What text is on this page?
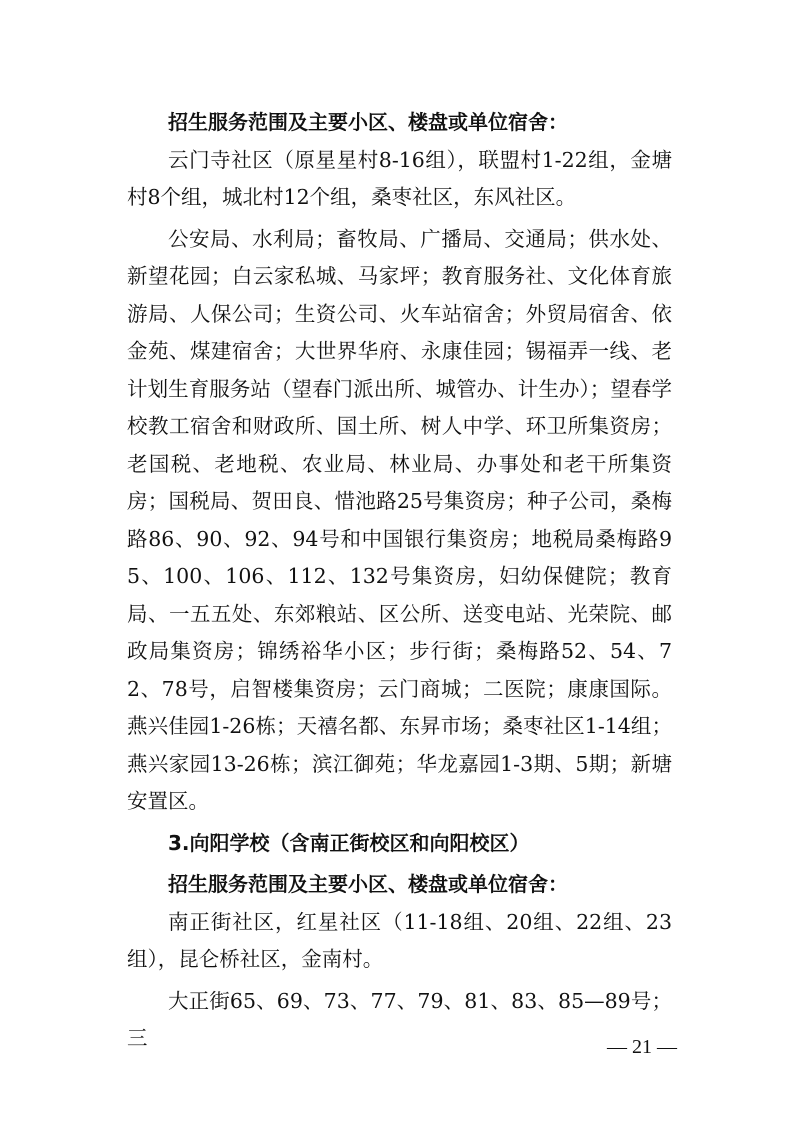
招生服务范围及主要小区、楼盘或单位宿舍：

云门寺社区（原星星村8-16组），联盟村1-22组，金塘村8个组，城北村12个组，桑枣社区，东风社区。

公安局、水利局；畜牧局、广播局、交通局；供水处、新望花园；白云家私城、马家坪；教育服务社、文化体育旅游局、人保公司；生资公司、火车站宿舍；外贸局宿舍、依金苑、煤建宿舍；大世界华府、永康佳园；锡福弄一线、老计划生育服务站（望春门派出所、城管办、计生办）；望春学校教工宿舍和财政所、国土所、树人中学、环卫所集资房；老国税、老地税、农业局、林业局、办事处和老干所集资房；国税局、贺田良、惜池路25号集资房；种子公司，桑梅路86、90、92、94号和中国银行集资房；地税局桑梅路95、100、106、112、132号集资房，妇幼保健院；教育局、一五五处、东郊粮站、区公所、送变电站、光荣院、邮政局集资房；锦绣裕华小区；步行街；桑梅路52、54、72、78号，启智楼集资房；云门商城；二医院；康康国际。燕兴佳园1-26栋；天禧名都、东昇市场；桑枣社区1-14组；燕兴家园13-26栋；滨江御苑；华龙嘉园1-3期、5期；新塘安置区。

3.向阳学校（含南正街校区和向阳校区）

招生服务范围及主要小区、楼盘或单位宿舍：

南正街社区，红星社区（11-18组、20组、22组、23组），昆仑桥社区，金南村。

大正街65、69、73、77、79、81、83、85—89号；三	— 21 —
